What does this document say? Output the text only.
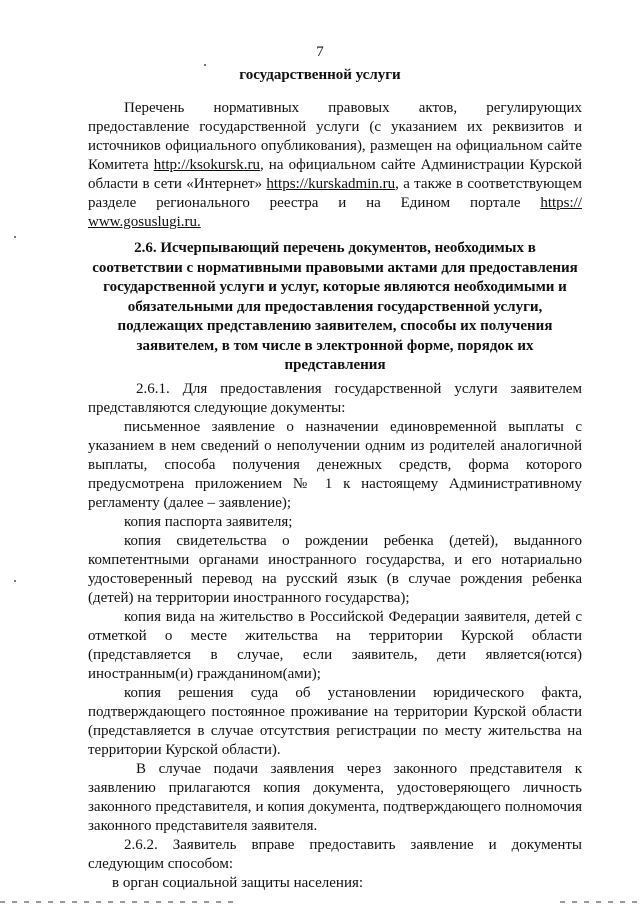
7
государственной услуги

Перечень нормативных правовых актов, регулирующих предоставление государственной услуги (с указанием их реквизитов и источников официального опубликования), размещен на официальном сайте Комитета http://ksokursk.ru, на официальном сайте Администрации Курской области в сети «Интернет» https://kurskadmin.ru, а также в соответствующем разделе регионального реестра и на Едином портале https:// www.gosuslugi.ru.

2.6. Исчерпывающий перечень документов, необходимых в соответствии с нормативными правовыми актами для предоставления государственной услуги и услуг, которые являются необходимыми и обязательными для предоставления государственной услуги, подлежащих представлению заявителем, способы их получения заявителем, в том числе в электронной форме, порядок их представления

2.6.1. Для предоставления государственной услуги заявителем представляются следующие документы:

письменное заявление о назначении единовременной выплаты с указанием в нем сведений о неполучении одним из родителей аналогичной выплаты, способа получения денежных средств, форма которого предусмотрена приложением № 1 к настоящему Административному регламенту (далее – заявление);

копия паспорта заявителя;

копия свидетельства о рождении ребенка (детей), выданного компетентными органами иностранного государства, и его нотариально удостоверенный перевод на русский язык (в случае рождения ребенка (детей) на территории иностранного государства);

копия вида на жительство в Российской Федерации заявителя, детей с отметкой о месте жительства на территории Курской области (представляется в случае, если заявитель, дети является(ются) иностранным(и) гражданином(ами);

копия решения суда об установлении юридического факта, подтверждающего постоянное проживание на территории Курской области (представляется в случае отсутствия регистрации по месту жительства на территории Курской области).

В случае подачи заявления через законного представителя к заявлению прилагаются копия документа, удостоверяющего личность законного представителя, и копия документа, подтверждающего полномочия законного представителя заявителя.

2.6.2. Заявитель вправе предоставить заявление и документы следующим способом:

в орган социальной защиты населения:
